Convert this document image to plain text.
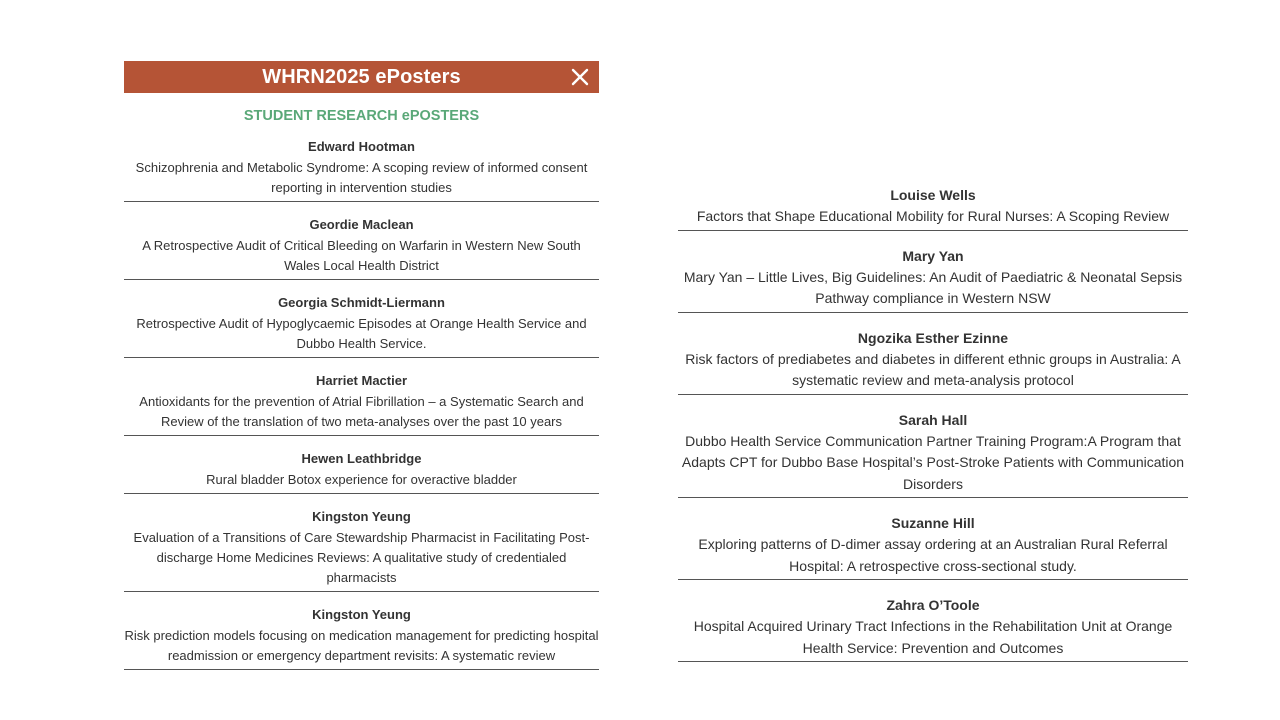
WHRN2025 ePosters
STUDENT RESEARCH ePOSTERS
Edward Hootman
Schizophrenia and Metabolic Syndrome: A scoping review of informed consent reporting in intervention studies
Geordie Maclean
A Retrospective Audit of Critical Bleeding on Warfarin in Western New South Wales Local Health District
Georgia Schmidt-Liermann
Retrospective Audit of Hypoglycaemic Episodes at Orange Health Service and Dubbo Health Service.
Harriet Mactier
Antioxidants for the prevention of Atrial Fibrillation – a Systematic Search and Review of the translation of two meta-analyses over the past 10 years
Hewen Leathbridge
Rural bladder Botox experience for overactive bladder
Kingston Yeung
Evaluation of a Transitions of Care Stewardship Pharmacist in Facilitating Post-discharge Home Medicines Reviews: A qualitative study of credentialed pharmacists
Kingston Yeung
Risk prediction models focusing on medication management for predicting hospital readmission or emergency department revisits: A systematic review
Louise Wells
Factors that Shape Educational Mobility for Rural Nurses: A Scoping Review
Mary Yan
Mary Yan – Little Lives, Big Guidelines: An Audit of Paediatric & Neonatal Sepsis Pathway compliance in Western NSW
Ngozika Esther Ezinne
Risk factors of prediabetes and diabetes in different ethnic groups in Australia: A systematic review and meta-analysis protocol
Sarah Hall
Dubbo Health Service Communication Partner Training Program:A Program that Adapts CPT for Dubbo Base Hospital’s Post-Stroke Patients with Communication Disorders
Suzanne Hill
Exploring patterns of D-dimer assay ordering at an Australian Rural Referral Hospital: A retrospective cross-sectional study.
Zahra O’Toole
Hospital Acquired Urinary Tract Infections in the Rehabilitation Unit at Orange Health Service: Prevention and Outcomes
